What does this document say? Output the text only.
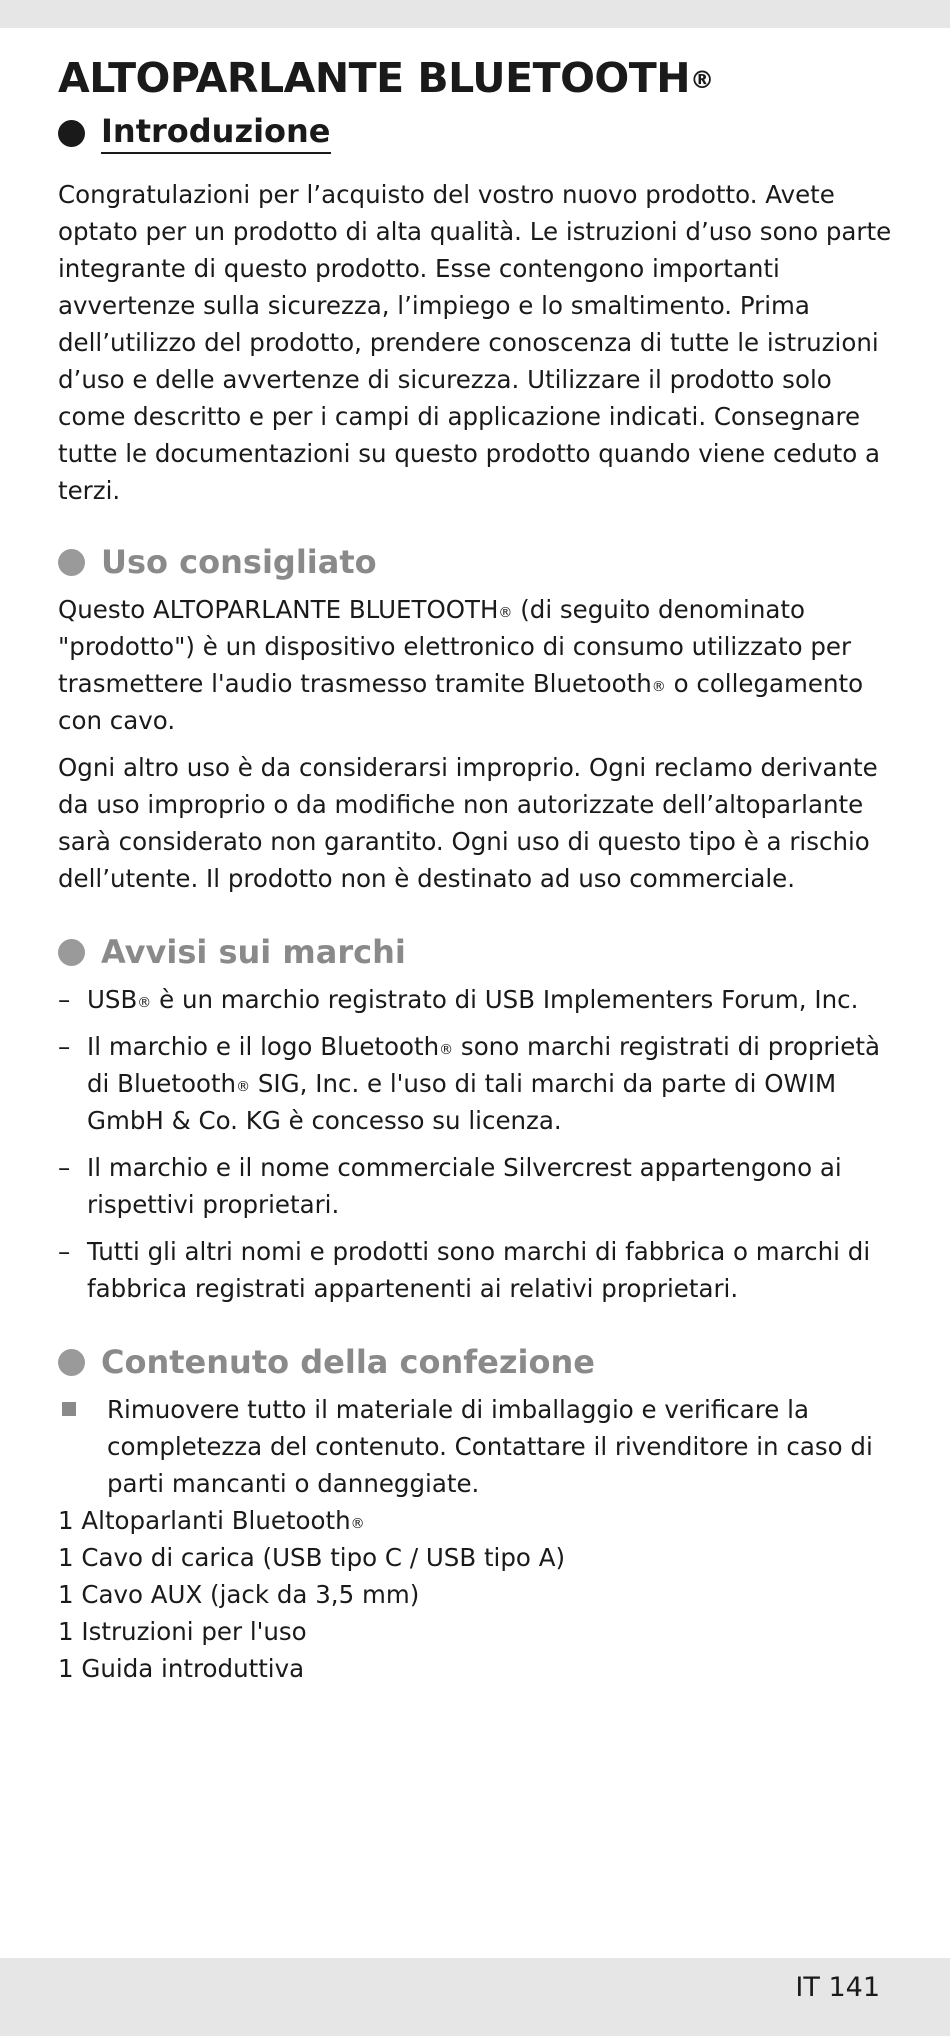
ALTOPARLANTE BLUETOOTH®
Introduzione

Congratulazioni per l’acquisto del vostro nuovo prodotto. Avete optato per un prodotto di alta qualità. Le istruzioni d’uso sono parte integrante di questo prodotto. Esse contengono importanti avvertenze sulla sicurezza, l’impiego e lo smaltimento. Prima dell’utilizzo del prodotto, prendere conoscenza di tutte le istruzioni d’uso e delle avvertenze di sicurezza. Utilizzare il prodotto solo come descritto e per i campi di applicazione indicati. Consegnare tutte le documentazioni su questo prodotto quando viene ceduto a terzi.

Uso consigliato

Questo ALTOPARLANTE BLUETOOTH® (di seguito denominato "prodotto") è un dispositivo elettronico di consumo utilizzato per trasmettere l'audio trasmesso tramite Bluetooth® o collegamento con cavo.

Ogni altro uso è da considerarsi improprio. Ogni reclamo derivante da uso improprio o da modifiche non autorizzate dell’altoparlante sarà considerato non garantito. Ogni uso di questo tipo è a rischio dell’utente. Il prodotto non è destinato ad uso commerciale.

Avvisi sui marchi
– USB® è un marchio registrato di USB Implementers Forum, Inc.
– Il marchio e il logo Bluetooth® sono marchi registrati di proprietà di Bluetooth® SIG, Inc. e l'uso di tali marchi da parte di OWIM GmbH & Co. KG è concesso su licenza.
– Il marchio e il nome commerciale Silvercrest appartengono ai rispettivi proprietari.
– Tutti gli altri nomi e prodotti sono marchi di fabbrica o marchi di fabbrica registrati appartenenti ai relativi proprietari.
Contenuto della confezione
Rimuovere tutto il materiale di imballaggio e verificare la completezza del contenuto. Contattare il rivenditore in caso di parti mancanti o danneggiate.
1 Altoparlanti Bluetooth®
1 Cavo di carica (USB tipo C / USB tipo A)
1 Cavo AUX (jack da 3,5 mm)
1 Istruzioni per l'uso
1 Guida introduttiva
IT 141
